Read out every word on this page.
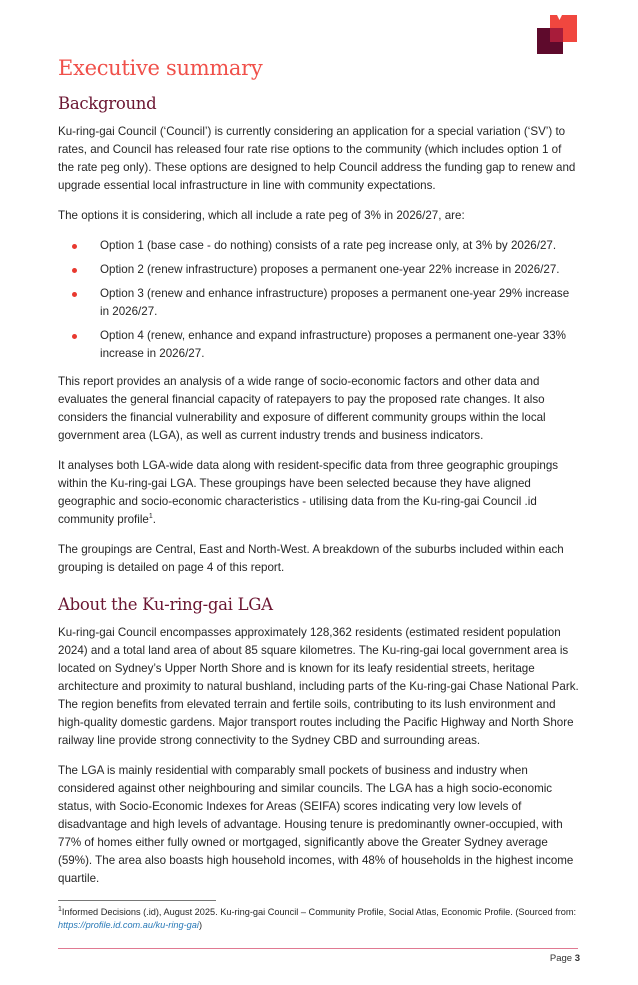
Executive summary
Background

Ku-ring-gai Council (‘Council’) is currently considering an application for a special variation (‘SV’) to rates, and Council has released four rate rise options to the community (which includes option 1 of the rate peg only). These options are designed to help Council address the funding gap to renew and upgrade essential local infrastructure in line with community expectations.

The options it is considering, which all include a rate peg of 3% in 2026/27, are:

Option 1 (base case - do nothing) consists of a rate peg increase only, at 3% by 2026/27.
Option 2 (renew infrastructure) proposes a permanent one-year 22% increase in 2026/27.
Option 3 (renew and enhance infrastructure) proposes a permanent one-year 29% increase in 2026/27.
Option 4 (renew, enhance and expand infrastructure) proposes a permanent one-year 33% increase in 2026/27.

This report provides an analysis of a wide range of socio-economic factors and other data and evaluates the general financial capacity of ratepayers to pay the proposed rate changes. It also considers the financial vulnerability and exposure of different community groups within the local government area (LGA), as well as current industry trends and business indicators.

It analyses both LGA-wide data along with resident-specific data from three geographic groupings within the Ku-ring-gai LGA. These groupings have been selected because they have aligned geographic and socio-economic characteristics - utilising data from the Ku-ring-gai Council .id community profile$^1$.

The groupings are Central, East and North-West. A breakdown of the suburbs included within each grouping is detailed on page 4 of this report.

About the Ku-ring-gai LGA

Ku-ring-gai Council encompasses approximately 128,362 residents (estimated resident population 2024) and a total land area of about 85 square kilometres. The Ku-ring-gai local government area is located on Sydney’s Upper North Shore and is known for its leafy residential streets, heritage architecture and proximity to natural bushland, including parts of the Ku-ring-gai Chase National Park. The region benefits from elevated terrain and fertile soils, contributing to its lush environment and high-quality domestic gardens. Major transport routes including the Pacific Highway and North Shore railway line provide strong connectivity to the Sydney CBD and surrounding areas.

The LGA is mainly residential with comparably small pockets of business and industry when considered against other neighbouring and similar councils. The LGA has a high socio-economic status, with Socio-Economic Indexes for Areas (SEIFA) scores indicating very low levels of disadvantage and high levels of advantage. Housing tenure is predominantly owner-occupied, with 77% of homes either fully owned or mortgaged, significantly above the Greater Sydney average (59%). The area also boasts high household incomes, with 48% of households in the highest income quartile.

$^1$Informed Decisions (.id), August 2025. Ku-ring-gai Council – Community Profile, Social Atlas, Economic Profile. (Sourced from: https://profile.id.com.au/ku-ring-gai)
Page 3
